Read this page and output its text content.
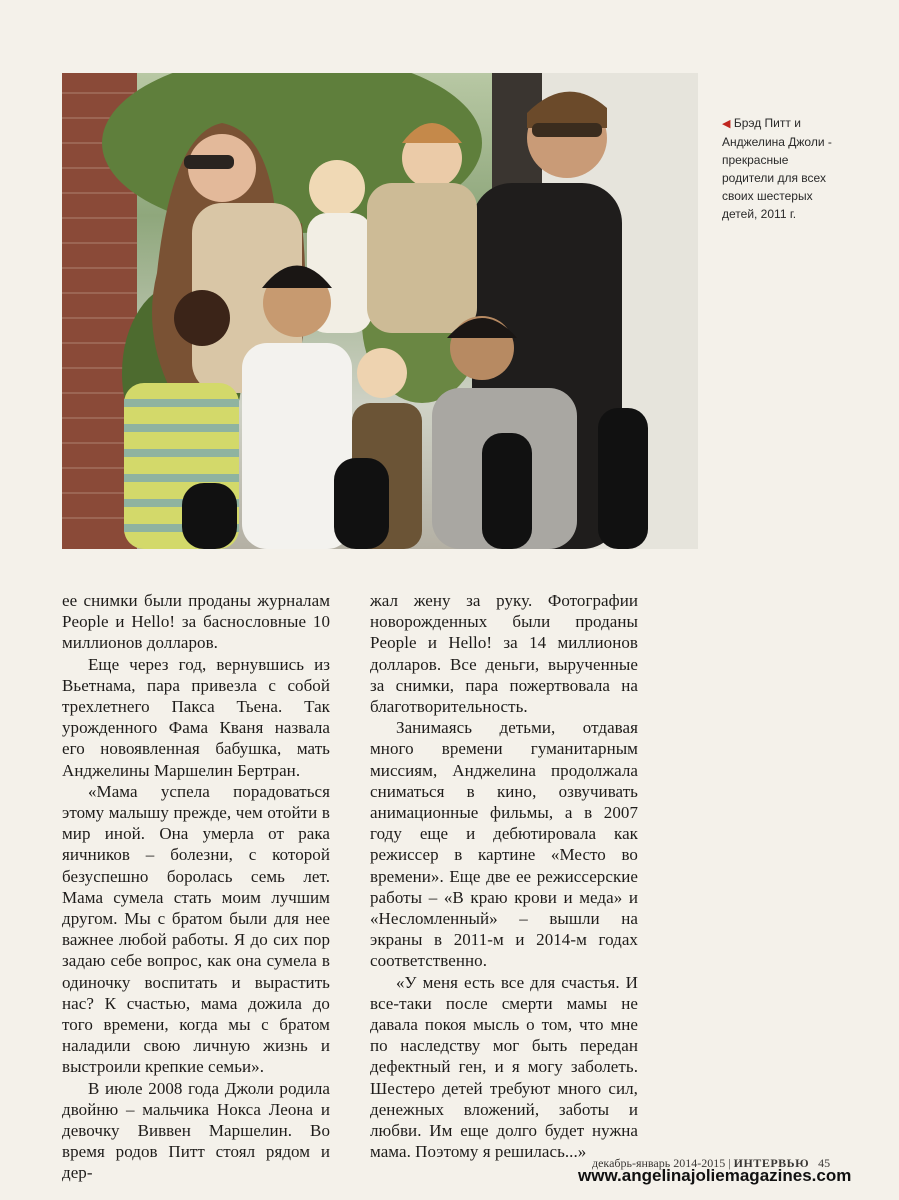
◀ Брэд Питт и Анджелина Джоли - прекрасные родители для всех своих шестерых детей, 2011 г.

ее снимки были проданы журналам People и Hello! за баснословные 10 миллионов долларов.

Еще через год, вернувшись из Вьетнама, пара привезла с собой трехлетнего Пакса Тьена. Так урожденного Фама Кваня назвала его новоявленная бабушка, мать Анджелины Маршелин Бертран.

«Мама успела порадоваться этому малышу прежде, чем отойти в мир иной. Она умерла от рака яичников – болезни, с которой безуспешно боролась семь лет. Мама сумела стать моим лучшим другом. Мы с братом были для нее важнее любой работы. Я до сих пор задаю себе вопрос, как она сумела в одиночку воспитать и вырастить нас? К счастью, мама дожила до того времени, когда мы с братом наладили свою личную жизнь и выстроили крепкие семьи».

В июле 2008 года Джоли родила двойню – мальчика Нокса Леона и девочку Виввен Маршелин. Во время родов Питт стоял рядом и дер-

жал жену за руку. Фотографии новорожденных были проданы People и Hello! за 14 миллионов долларов. Все деньги, вырученные за снимки, пара пожертвовала на благотворительность.

Занимаясь детьми, отдавая много времени гуманитарным миссиям, Анджелина продолжала сниматься в кино, озвучивать анимационные фильмы, а в 2007 году еще и дебютировала как режиссер в картине «Место во времени». Еще две ее режиссерские работы – «В краю крови и меда» и «Несломленный» – вышли на экраны в 2011-м и 2014-м годах соответственно.

«У меня есть все для счастья. И все-таки после смерти мамы не давала покоя мысль о том, что мне по наследству мог быть передан дефектный ген, и я могу заболеть. Шестеро детей требуют много сил, денежных вложений, заботы и любви. Им еще долго будет нужна мама. Поэтому я решилась...»

декабрь-январь 2014-2015 | ИНТЕРВЬЮ 45
www.angelinajoliemagazines.com
